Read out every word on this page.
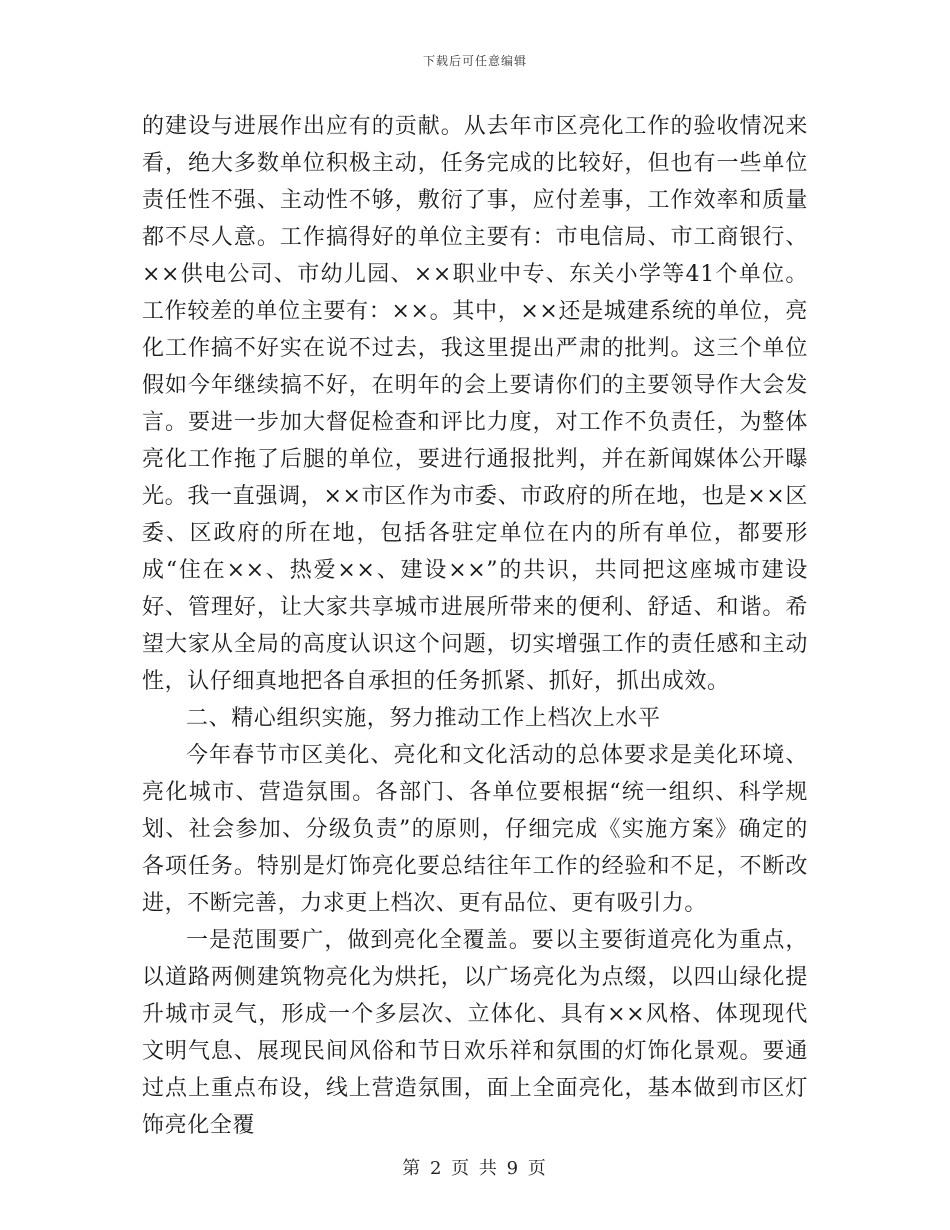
下载后可任意编辑

的建设与进展作出应有的贡献。从去年市区亮化工作的验收情况来看，绝大多数单位积极主动，任务完成的比较好，但也有一些单位责任性不强、主动性不够，敷衍了事，应付差事，工作效率和质量都不尽人意。工作搞得好的单位主要有：市电信局、市工商银行、××供电公司、市幼儿园、××职业中专、东关小学等41个单位。工作较差的单位主要有：××。其中，××还是城建系统的单位，亮化工作搞不好实在说不过去，我这里提出严肃的批判。这三个单位假如今年继续搞不好，在明年的会上要请你们的主要领导作大会发言。要进一步加大督促检查和评比力度，对工作不负责任，为整体亮化工作拖了后腿的单位，要进行通报批判，并在新闻媒体公开曝光。我一直强调，××市区作为市委、市政府的所在地，也是××区委、区政府的所在地，包括各驻定单位在内的所有单位，都要形成“住在××、热爱××、建设××”的共识，共同把这座城市建设好、管理好，让大家共享城市进展所带来的便利、舒适、和谐。希望大家从全局的高度认识这个问题，切实增强工作的责任感和主动性，认仔细真地把各自承担的任务抓紧、抓好，抓出成效。

二、精心组织实施，努力推动工作上档次上水平

今年春节市区美化、亮化和文化活动的总体要求是美化环境、亮化城市、营造氛围。各部门、各单位要根据“统一组织、科学规划、社会参加、分级负责”的原则，仔细完成《实施方案》确定的各项任务。特别是灯饰亮化要总结往年工作的经验和不足，不断改进，不断完善，力求更上档次、更有品位、更有吸引力。

一是范围要广，做到亮化全覆盖。要以主要街道亮化为重点，以道路两侧建筑物亮化为烘托，以广场亮化为点缀，以四山绿化提升城市灵气，形成一个多层次、立体化、具有××风格、体现现代文明气息、展现民间风俗和节日欢乐祥和氛围的灯饰化景观。要通过点上重点布设，线上营造氛围，面上全面亮化，基本做到市区灯饰亮化全覆

第 2 页 共 9 页
